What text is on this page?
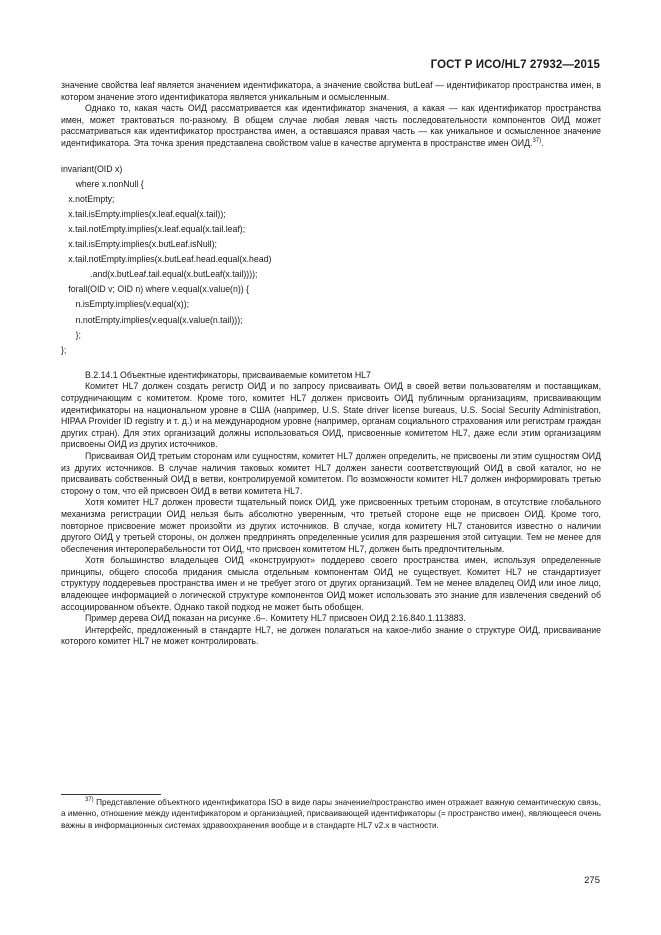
ГОСТ Р ИСО/HL7 27932—2015

значение свойства leaf является значением идентификатора, а значение свойства butLeaf — идентификатор пространства имен, в котором значение этого идентификатора является уникальным и осмысленным.

Однако то, какая часть ОИД рассматривается как идентификатор значения, а какая — как идентификатор пространства имен, может трактоваться по-разному. В общем случае любая левая часть последовательности компонентов ОИД может рассматриваться как идентификатор пространства имен, а оставшаяся правая часть — как уникальное и осмысленное значение идентификатора. Эта точка зрения представлена свойством value в качестве аргумента в пространстве имен ОИД.$^{37)}$.

invariant(OID x)
where x.nonNull {
x.notEmpty;
x.tail.isEmpty.implies(x.leaf.equal(x.tail));
x.tail.notEmpty.implies(x.leaf.equal(x.tail.leaf);
x.tail.isEmpty.implies(x.butLeaf.isNull);
x.tail.notEmpty.implies(x.butLeaf.head.equal(x.head)
.and(x.butLeaf.tail.equal(x.butLeaf(x.tail))));
forall(OID v; OID n) where v.equal(x.value(n)) {
n.isEmpty.implies(v.equal(x));
n.notEmpty.implies(v.equal(x.value(n.tail)));
};
};

B.2.14.1 Объектные идентификаторы, присваиваемые комитетом HL7

Комитет HL7 должен создать регистр ОИД и по запросу присваивать ОИД в своей ветви пользователям и поставщикам, сотрудничающим с комитетом. Кроме того, комитет HL7 должен присвоить ОИД публичным организациям, присваивающим идентификаторы на национальном уровне в США (например, U.S. State driver license bureaus, U.S. Social Security Administration, HIPAA Provider ID registry и т. д.) и на международном уровне (например, органам социального страхования или регистрам граждан других стран). Для этих организаций должны использоваться ОИД, присвоенные комитетом HL7, даже если этим организациям присвоены ОИД из других источников.

Присваивая ОИД третьим сторонам или сущностям, комитет HL7 должен определить, не присвоены ли этим сущностям ОИД из других источников. В случае наличия таковых комитет HL7 должен занести соответствующий ОИД в свой каталог, но не присваивать собственный ОИД в ветви, контролируемой комитетом. По возможности комитет HL7 должен информировать третью сторону о том, что ей присвоен ОИД в ветви комитета HL7.

Хотя комитет HL7 должен провести тщательный поиск ОИД, уже присвоенных третьим сторонам, в отсутствие глобального механизма регистрации ОИД нельзя быть абсолютно уверенным, что третьей стороне еще не присвоен ОИД. Кроме того, повторное присвоение может произойти из других источников. В случае, когда комитету HL7 становится известно о наличии другого ОИД у третьей стороны, он должен предпринять определенные усилия для разрешения этой ситуации. Тем не менее для обеспечения интероперабельности тот ОИД, что присвоен комитетом HL7, должен быть предпочтительным.

Хотя большинство владельцев ОИД «конструируют» поддерево своего пространства имен, используя определенные принципы, общего способа придания смысла отдельным компонентам ОИД не существует. Комитет HL7 не стандартизует структуру поддеревьев пространства имен и не требует этого от других организаций. Тем не менее владелец ОИД или иное лицо, владеющее информацией о логической структуре компонентов ОИД может использовать это знание для извлечения сведений об ассоциированном объекте. Однако такой подход не может быть обобщен.

Пример дерева ОИД показан на рисунке .6–. Комитету HL7 присвоен ОИД 2.16.840.1.113883.

Интерфейс, предложенный в стандарте HL7, не должен полагаться на какое-либо знание о структуре ОИД, присваивание которого комитет HL7 не может контролировать.

$^{37)}$ Представление объектного идентификатора ISO в виде пары значение/пространство имен отражает важную семантическую связь, а именно, отношение между идентификатором и организацией, присваивающей идентификаторы (= пространство имен), являющееся очень важны в информационных системах здравоохранения вообще и в стандарте HL7 v2.x в частности.

275
